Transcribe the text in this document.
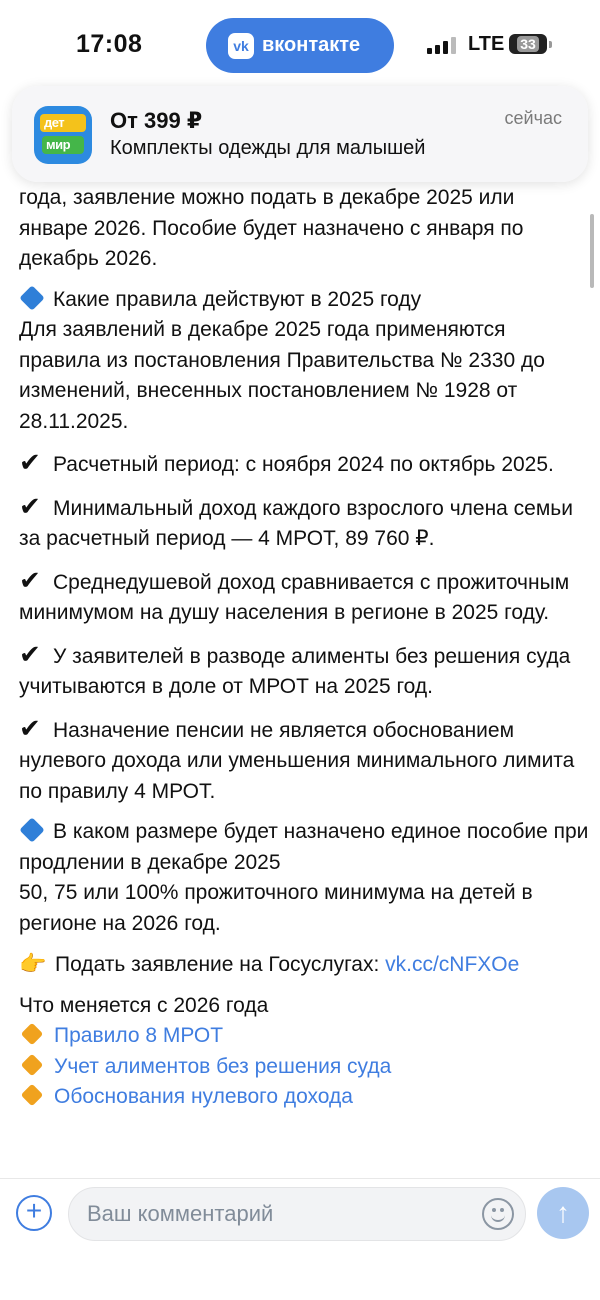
17:08	vk вконтакте	LTE 33

года, заявление можно подать в декабре 2025 или январе 2026. Пособие будет назначено с января по декабрь 2026.

Какие правила действуют в 2025 году
Для заявлений в декабре 2025 года применяются правила из постановления Правительства № 2330 до изменений, внесенных постановлением № 1928 от 28.11.2025.

✔ Расчетный период: с ноября 2024 по октябрь 2025.

✔ Минимальный доход каждого взрослого члена семьи за расчетный период — 4 МРОТ, 89 760 ₽.

✔ Среднедушевой доход сравнивается с прожиточным минимумом на душу населения в регионе в 2025 году.

✔ У заявителей в разводе алименты без решения суда учитываются в доле от МРОТ на 2025 год.

✔ Назначение пенсии не является обоснованием нулевого дохода или уменьшения минимального лимита по правилу 4 МРОТ.

В каком размере будет назначено единое пособие при продлении в декабре 2025
50, 75 или 100% прожиточного минимума на детей в регионе на 2026 год.

👉 Подать заявление на Госуслугах: vk.cc/cNFXOe

Что меняется с 2026 года
Правило 8 МРОТ
Учет алиментов без решения суда
Обоснования нулевого дохода

дет
мир
От 399 ₽
Комплекты одежды для малышей
сейчас
+
Ваш комментарий	↑
